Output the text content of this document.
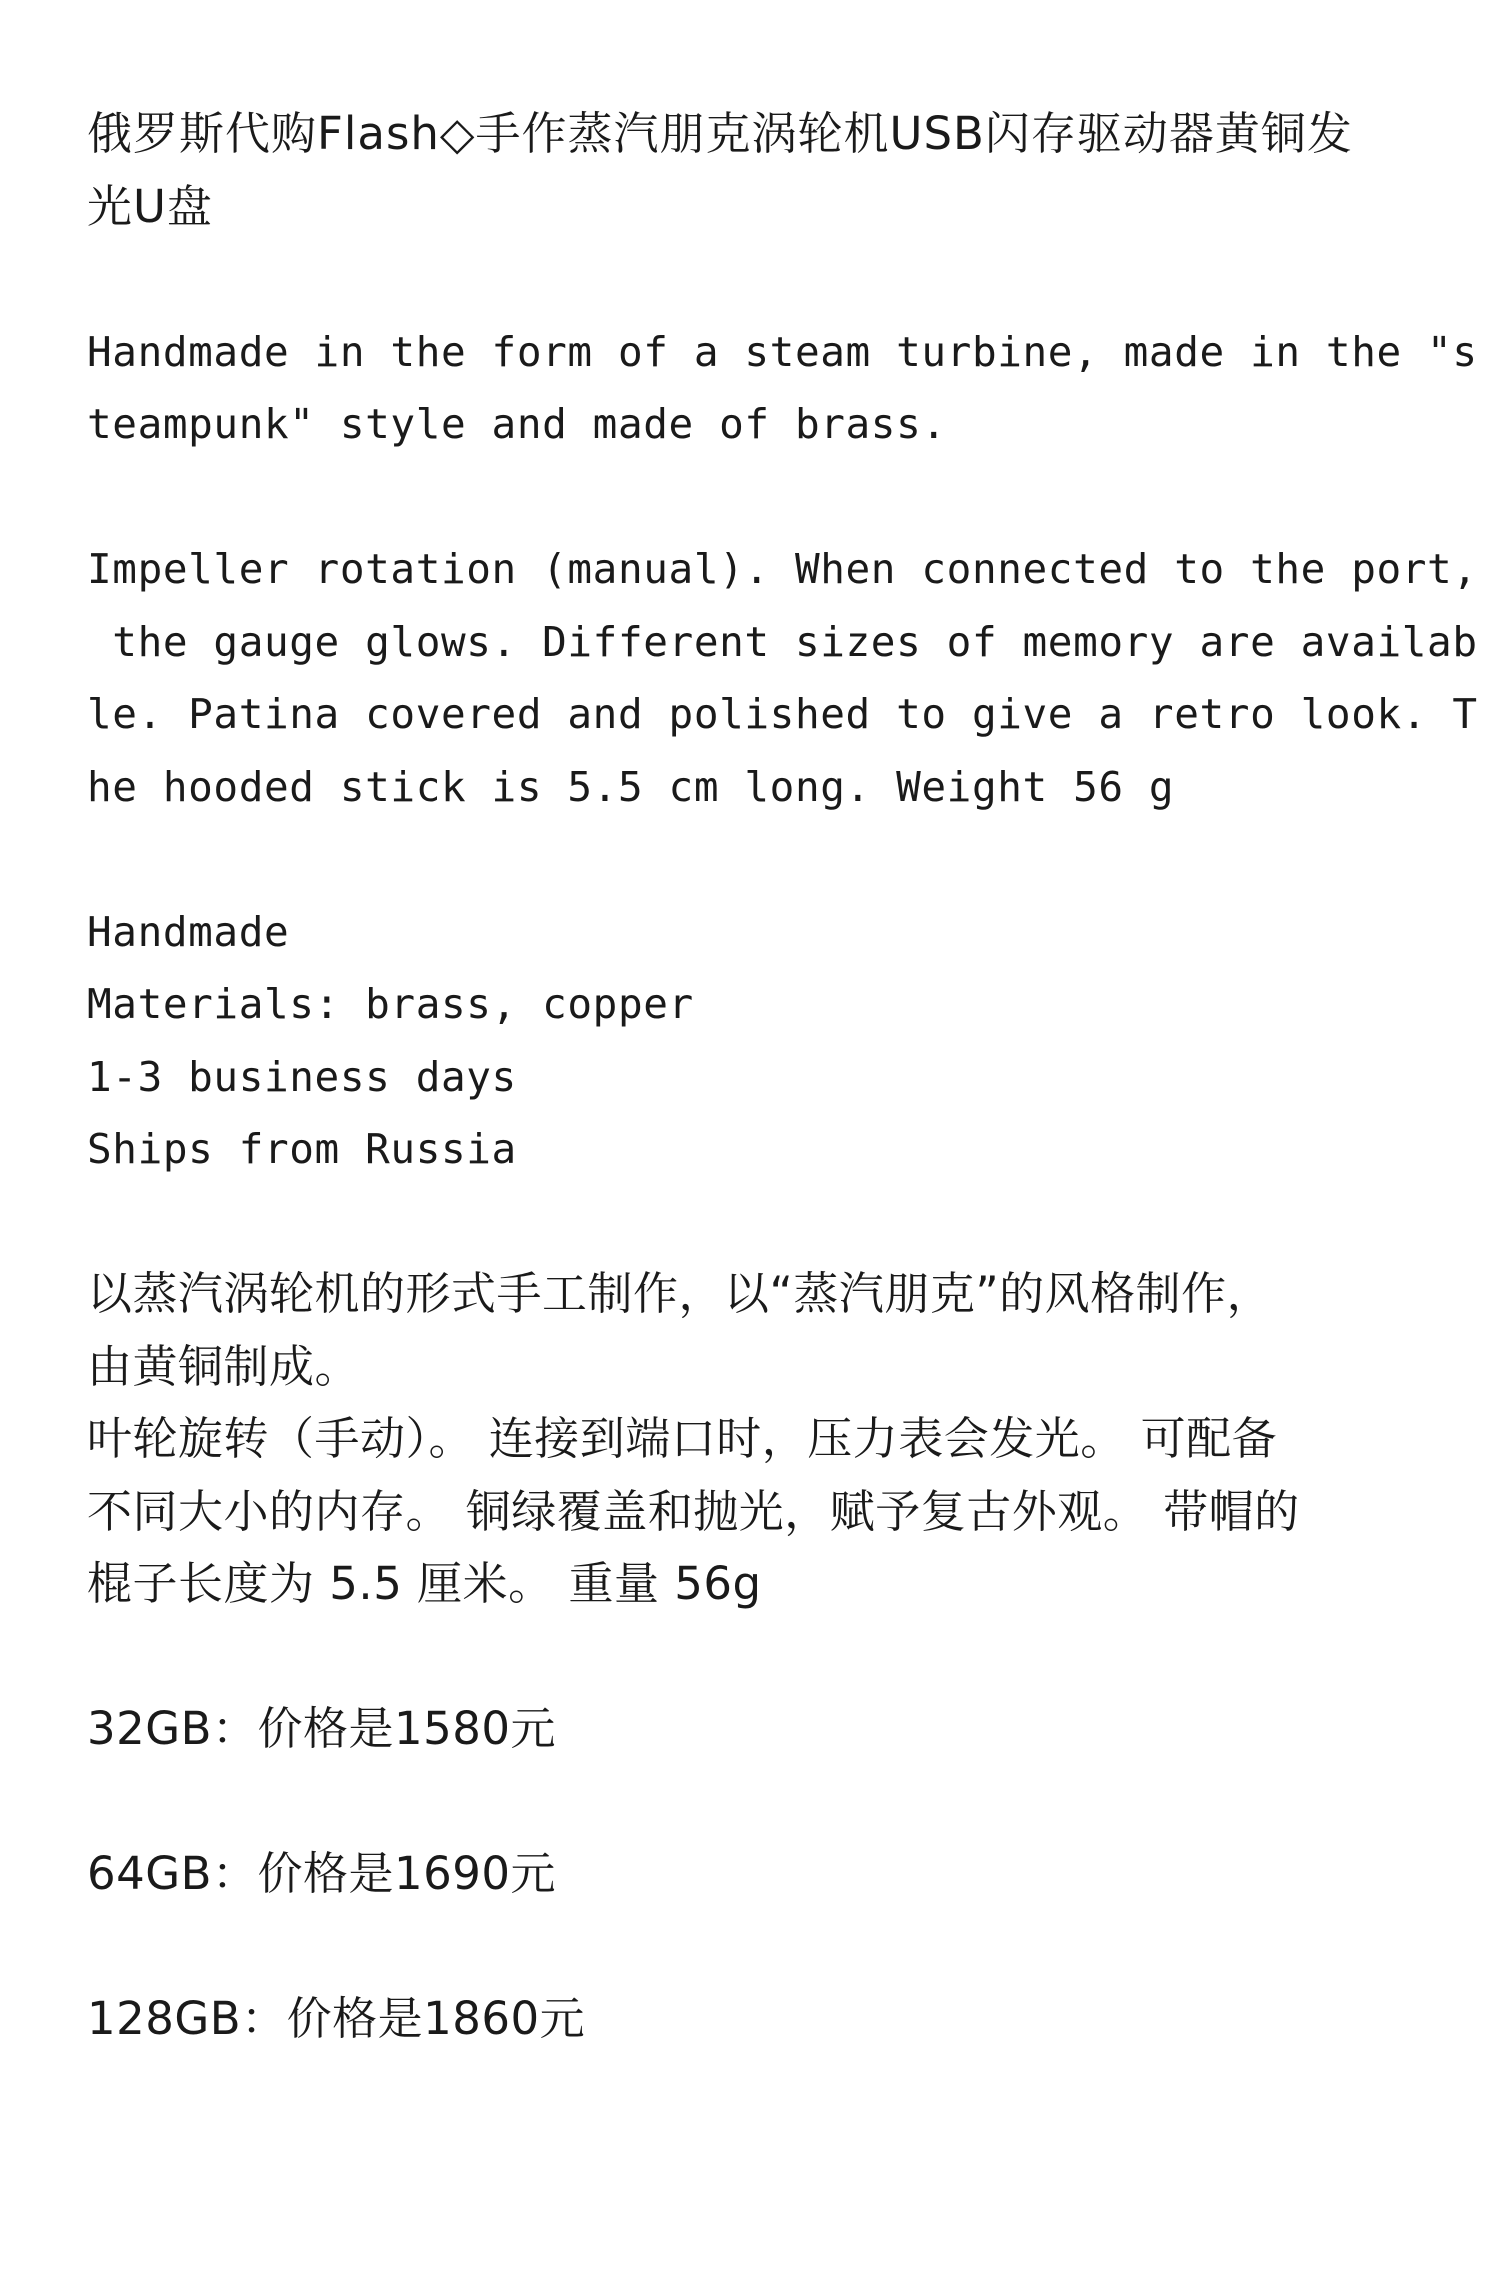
俄罗斯代购Flash◇手作蒸汽朋克涡轮机USB闪存驱动器黄铜发
光U盘
Handmade in the form of a steam turbine, made in the "s
teampunk" style and made of brass.
Impeller rotation (manual). When connected to the port,
the gauge glows. Different sizes of memory are availab
le. Patina covered and polished to give a retro look. T
he hooded stick is 5.5 cm long. Weight 56 g
Handmade
Materials: brass, copper
1-3 business days
Ships from Russia
以蒸汽涡轮机的形式手工制作，以“蒸汽朋克”的风格制作，
由黄铜制成。
叶轮旋转（手动）。 连接到端口时，压力表会发光。 可配备
不同大小的内存。 铜绿覆盖和抛光，赋予复古外观。 带帽的
棍子长度为 5.5 厘米。 重量 56g
32GB：价格是1580元
64GB：价格是1690元
128GB：价格是1860元
